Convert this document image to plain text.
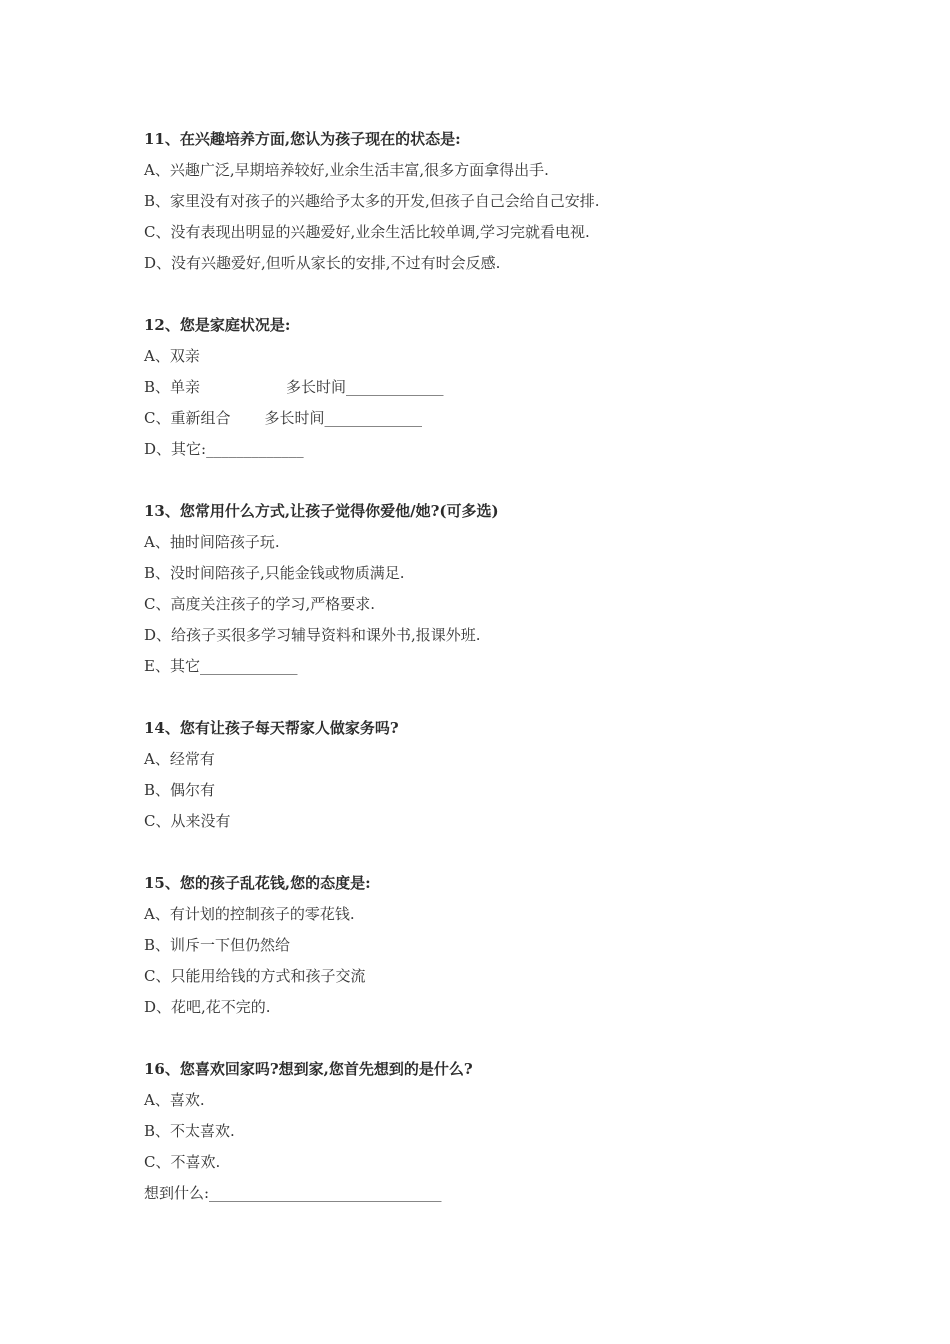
11、在兴趣培养方面,您认为孩子现在的状态是:
A、兴趣广泛,早期培养较好,业余生活丰富,很多方面拿得出手.
B、家里没有对孩子的兴趣给予太多的开发,但孩子自己会给自己安排.
C、没有表现出明显的兴趣爱好,业余生活比较单调,学习完就看电视.
D、没有兴趣爱好,但听从家长的安排,不过有时会反感.
12、您是家庭状况是:
A、双亲
B、单亲	多长时间_____________
C、重新组合 多长时间_____________
D、其它:_____________
13、您常用什么方式,让孩子觉得你爱他/她?(可多选)
A、抽时间陪孩子玩.
B、没时间陪孩子,只能金钱或物质满足.
C、高度关注孩子的学习,严格要求.
D、给孩子买很多学习辅导资料和课外书,报课外班.
E、其它_____________
14、您有让孩子每天帮家人做家务吗?
A、经常有
B、偶尔有
C、从来没有
15、您的孩子乱花钱,您的态度是:
A、有计划的控制孩子的零花钱.
B、训斥一下但仍然给
C、只能用给钱的方式和孩子交流
D、花吧,花不完的.
16、您喜欢回家吗?想到家,您首先想到的是什么?
A、喜欢.
B、不太喜欢.
C、不喜欢.
想到什么:_______________________________
